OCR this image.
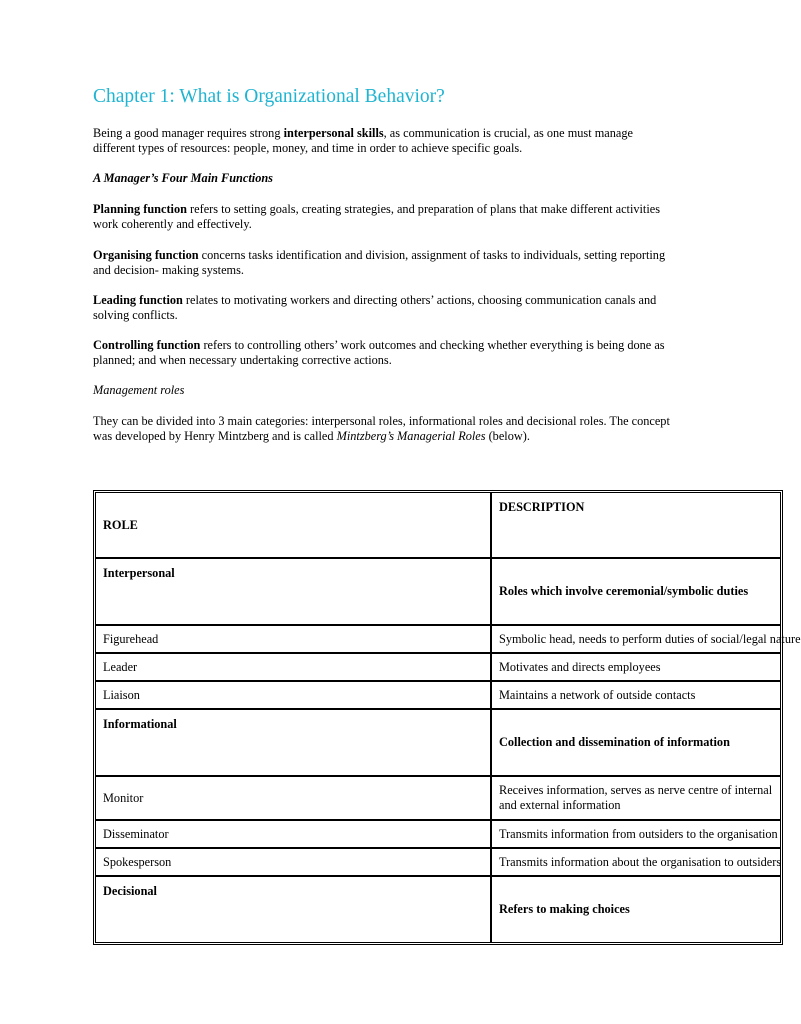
Chapter 1: What is Organizational Behavior?

Being a good manager requires strong interpersonal skills, as communication is crucial, as one must manage different types of resources: people, money, and time in order to achieve specific goals.

A Manager’s Four Main Functions

Planning function refers to setting goals, creating strategies, and preparation of plans that make different activities work coherently and effectively.

Organising function concerns tasks identification and division, assignment of tasks to individuals, setting reporting and decision- making systems.

Leading function relates to motivating workers and directing others’ actions, choosing communication canals and solving conflicts.

Controlling function refers to controlling others’ work outcomes and checking whether everything is being done as planned; and when necessary undertaking corrective actions.

Management roles

They can be divided into 3 main categories: interpersonal roles, informational roles and decisional roles. The concept was developed by Henry Mintzberg and is called Mintzberg’s Managerial Roles (below).

ROLE	DESCRIPTION
Interpersonal	Roles which involve ceremonial/symbolic duties
Figurehead	Symbolic head, needs to perform duties of social/legal nature
Leader	Motivates and directs employees
Liaison	Maintains a network of outside contacts
Informational	Collection and dissemination of information
Monitor	Receives information, serves as nerve centre of internal and external information
Disseminator	Transmits information from outsiders to the organisation
Spokesperson	Transmits information about the organisation to outsiders
Decisional	Refers to making choices
